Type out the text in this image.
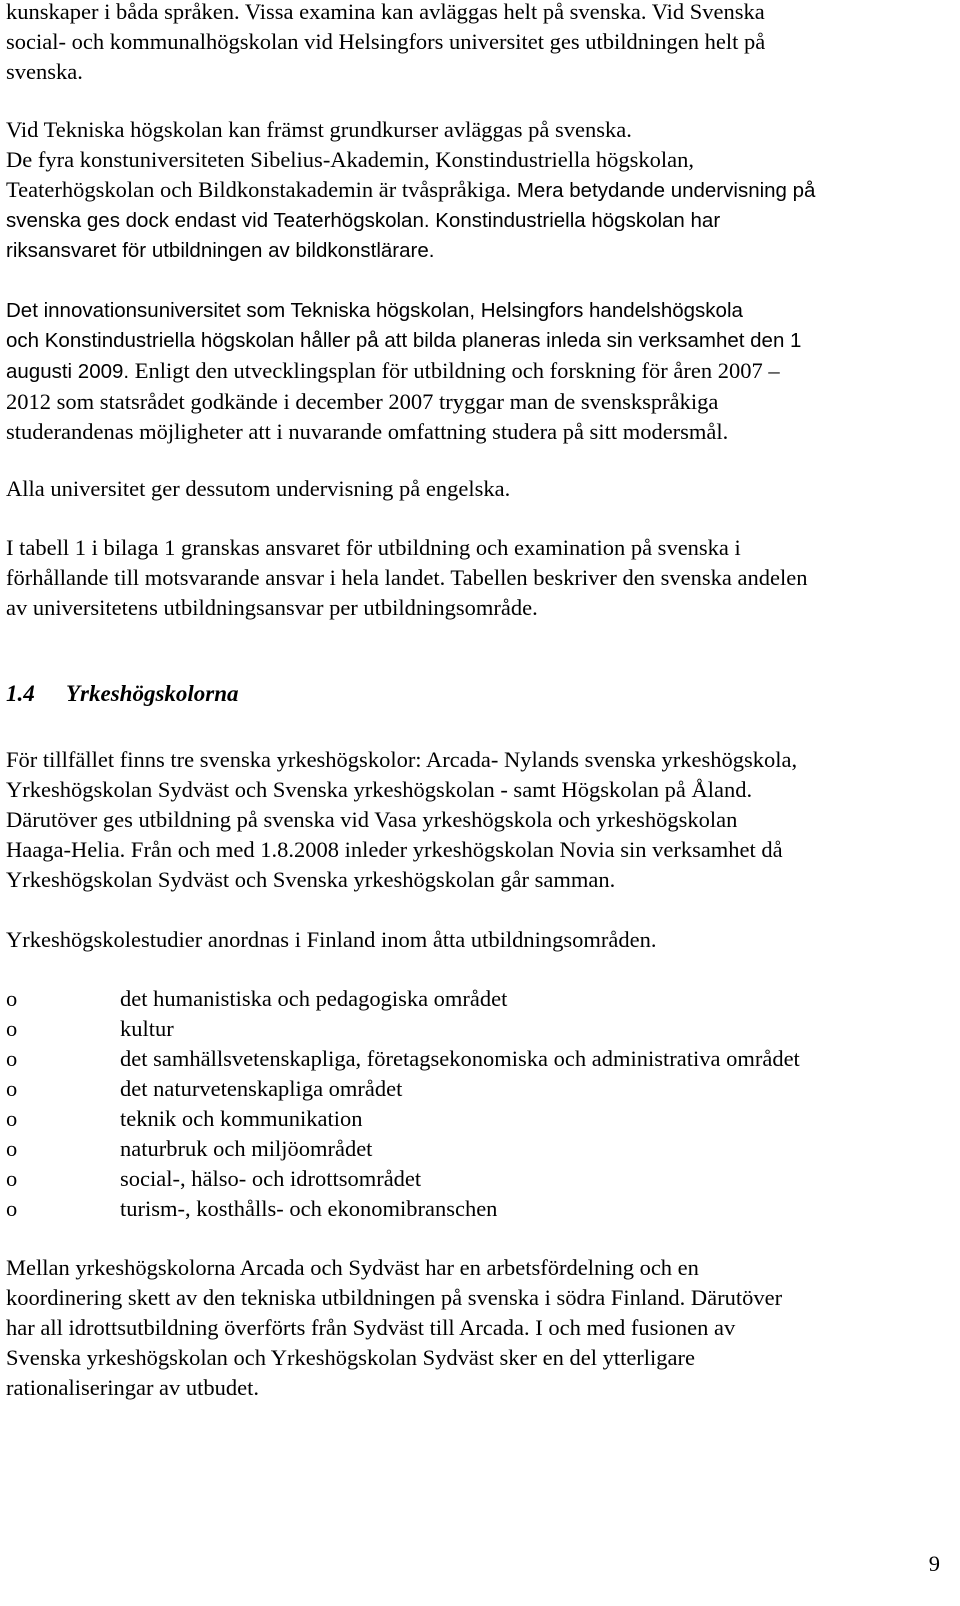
kunskaper i båda språken. Vissa examina kan avläggas helt på svenska. Vid Svenska
social- och kommunalhögskolan vid Helsingfors universitet ges utbildningen helt på
svenska.
Vid Tekniska högskolan kan främst grundkurser avläggas på svenska.
De fyra konstuniversiteten Sibelius-Akademin, Konstindustriella högskolan,
Teaterhögskolan och Bildkonstakademin är tvåspråkiga. Mera betydande undervisning på
svenska ges dock endast vid Teaterhögskolan. Konstindustriella högskolan har
riksansvaret för utbildningen av bildkonstlärare.
Det innovationsuniversitet som Tekniska högskolan, Helsingfors handelshögskola
och Konstindustriella högskolan håller på att bilda planeras inleda sin verksamhet den 1
augusti 2009. Enligt den utvecklingsplan för utbildning och forskning för åren 2007 –
2012 som statsrådet godkände i december 2007 tryggar man de svenskspråkiga
studerandenas möjligheter att i nuvarande omfattning studera på sitt modersmål.
Alla universitet ger dessutom undervisning på engelska.
I tabell 1 i bilaga 1 granskas ansvaret för utbildning och examination på svenska i
förhållande till motsvarande ansvar i hela landet. Tabellen beskriver den svenska andelen
av universitetens utbildningsansvar per utbildningsområde.
1.4 Yrkeshögskolorna
För tillfället finns tre svenska yrkeshögskolor: Arcada- Nylands svenska yrkeshögskola,
Yrkeshögskolan Sydväst och Svenska yrkeshögskolan - samt Högskolan på Åland.
Därutöver ges utbildning på svenska vid Vasa yrkeshögskola och yrkeshögskolan
Haaga-Helia. Från och med 1.8.2008 inleder yrkeshögskolan Novia sin verksamhet då
Yrkeshögskolan Sydväst och Svenska yrkeshögskolan går samman.
Yrkeshögskolestudier anordnas i Finland inom åtta utbildningsområden.
o	det humanistiska och pedagogiska området
o	kultur
o	det samhällsvetenskapliga, företagsekonomiska och administrativa området
o	det naturvetenskapliga området
o	teknik och kommunikation
o	naturbruk och miljöområdet
o	social-, hälso- och idrottsområdet
o	turism-, kosthålls- och ekonomibranschen
Mellan yrkeshögskolorna Arcada och Sydväst har en arbetsfördelning och en
koordinering skett av den tekniska utbildningen på svenska i södra Finland. Därutöver
har all idrottsutbildning överförts från Sydväst till Arcada. I och med fusionen av
Svenska yrkeshögskolan och Yrkeshögskolan Sydväst sker en del ytterligare
rationaliseringar av utbudet.
9
